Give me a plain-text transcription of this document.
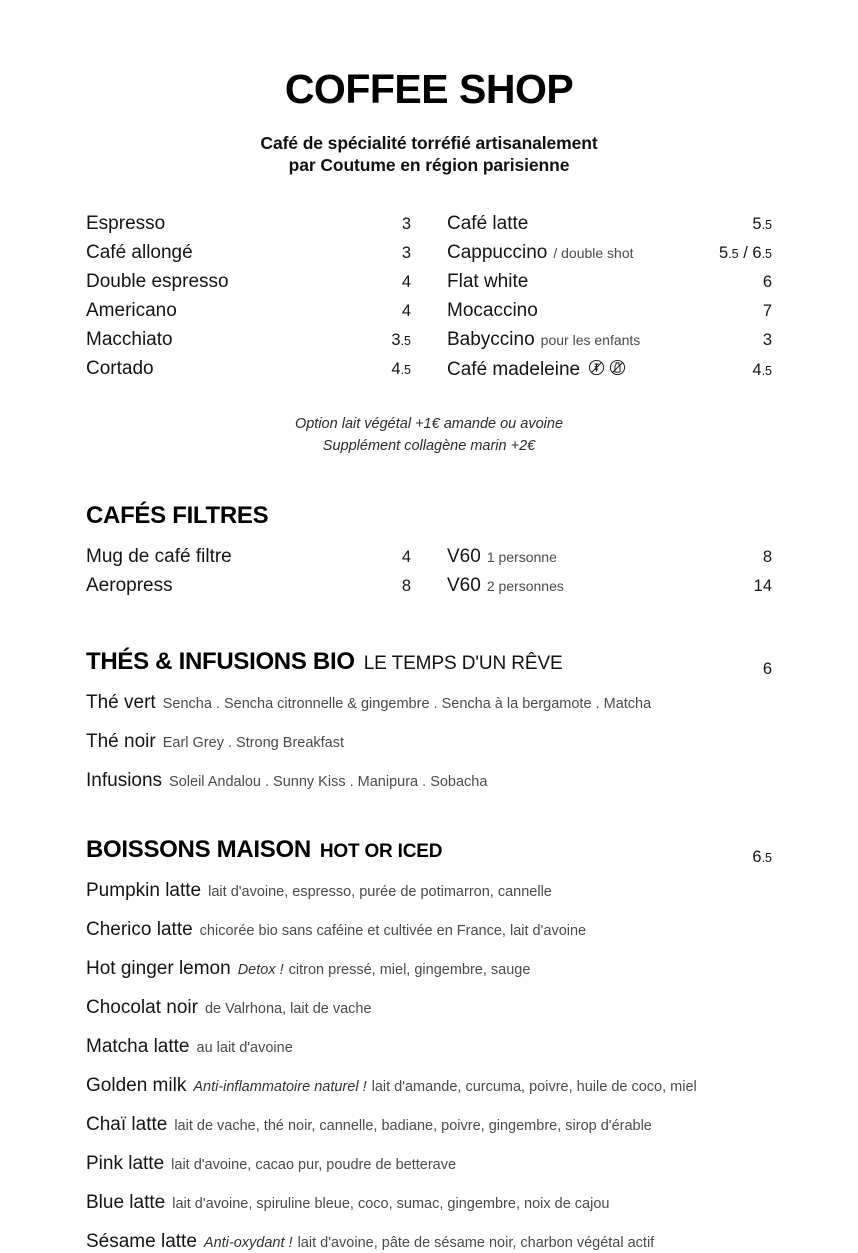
COFFEE SHOP
Café de spécialité torréfié artisanalement
par Coutume en région parisienne
Espresso	3
Café allongé	3
Double espresso	4
Americano	4
Macchiato	3.5
Cortado	4.5
Café latte	5.5
Cappuccino / double shot	5.5 / 6.5
Flat white	6
Mocaccino	7
Babyccino pour les enfants	3
Café madeleine	4.5
Option lait végétal +1€ amande ou avoine
Supplément collagène marin +2€
CAFÉS FILTRES
Mug de café filtre	4
Aeropress	8
V60 1 personne	8
V60 2 personnes	14
THÉS & INFUSIONS BIO LE TEMPS D'UN RÊVE	6
Thé vert Sencha . Sencha citronnelle & gingembre . Sencha à la bergamote . Matcha
Thé noir Earl Grey . Strong Breakfast
Infusions Soleil Andalou . Sunny Kiss . Manipura . Sobacha
BOISSONS MAISON HOT OR ICED	6.5
Pumpkin latte lait d'avoine, espresso, purée de potimarron, cannelle
Cherico latte chicorée bio sans caféine et cultivée en France, lait d'avoine
Hot ginger lemon Detox ! citron pressé, miel, gingembre, sauge
Chocolat noir de Valrhona, lait de vache
Matcha latte au lait d'avoine
Golden milk Anti-inflammatoire naturel ! lait d'amande, curcuma, poivre, huile de coco, miel
Chaï latte lait de vache, thé noir, cannelle, badiane, poivre, gingembre, sirop d'érable
Pink latte lait d'avoine, cacao pur, poudre de betterave
Blue latte lait d'avoine, spiruline bleue, coco, sumac, gingembre, noix de cajou
Sésame latte Anti-oxydant ! lait d'avoine, pâte de sésame noir, charbon végétal actif
